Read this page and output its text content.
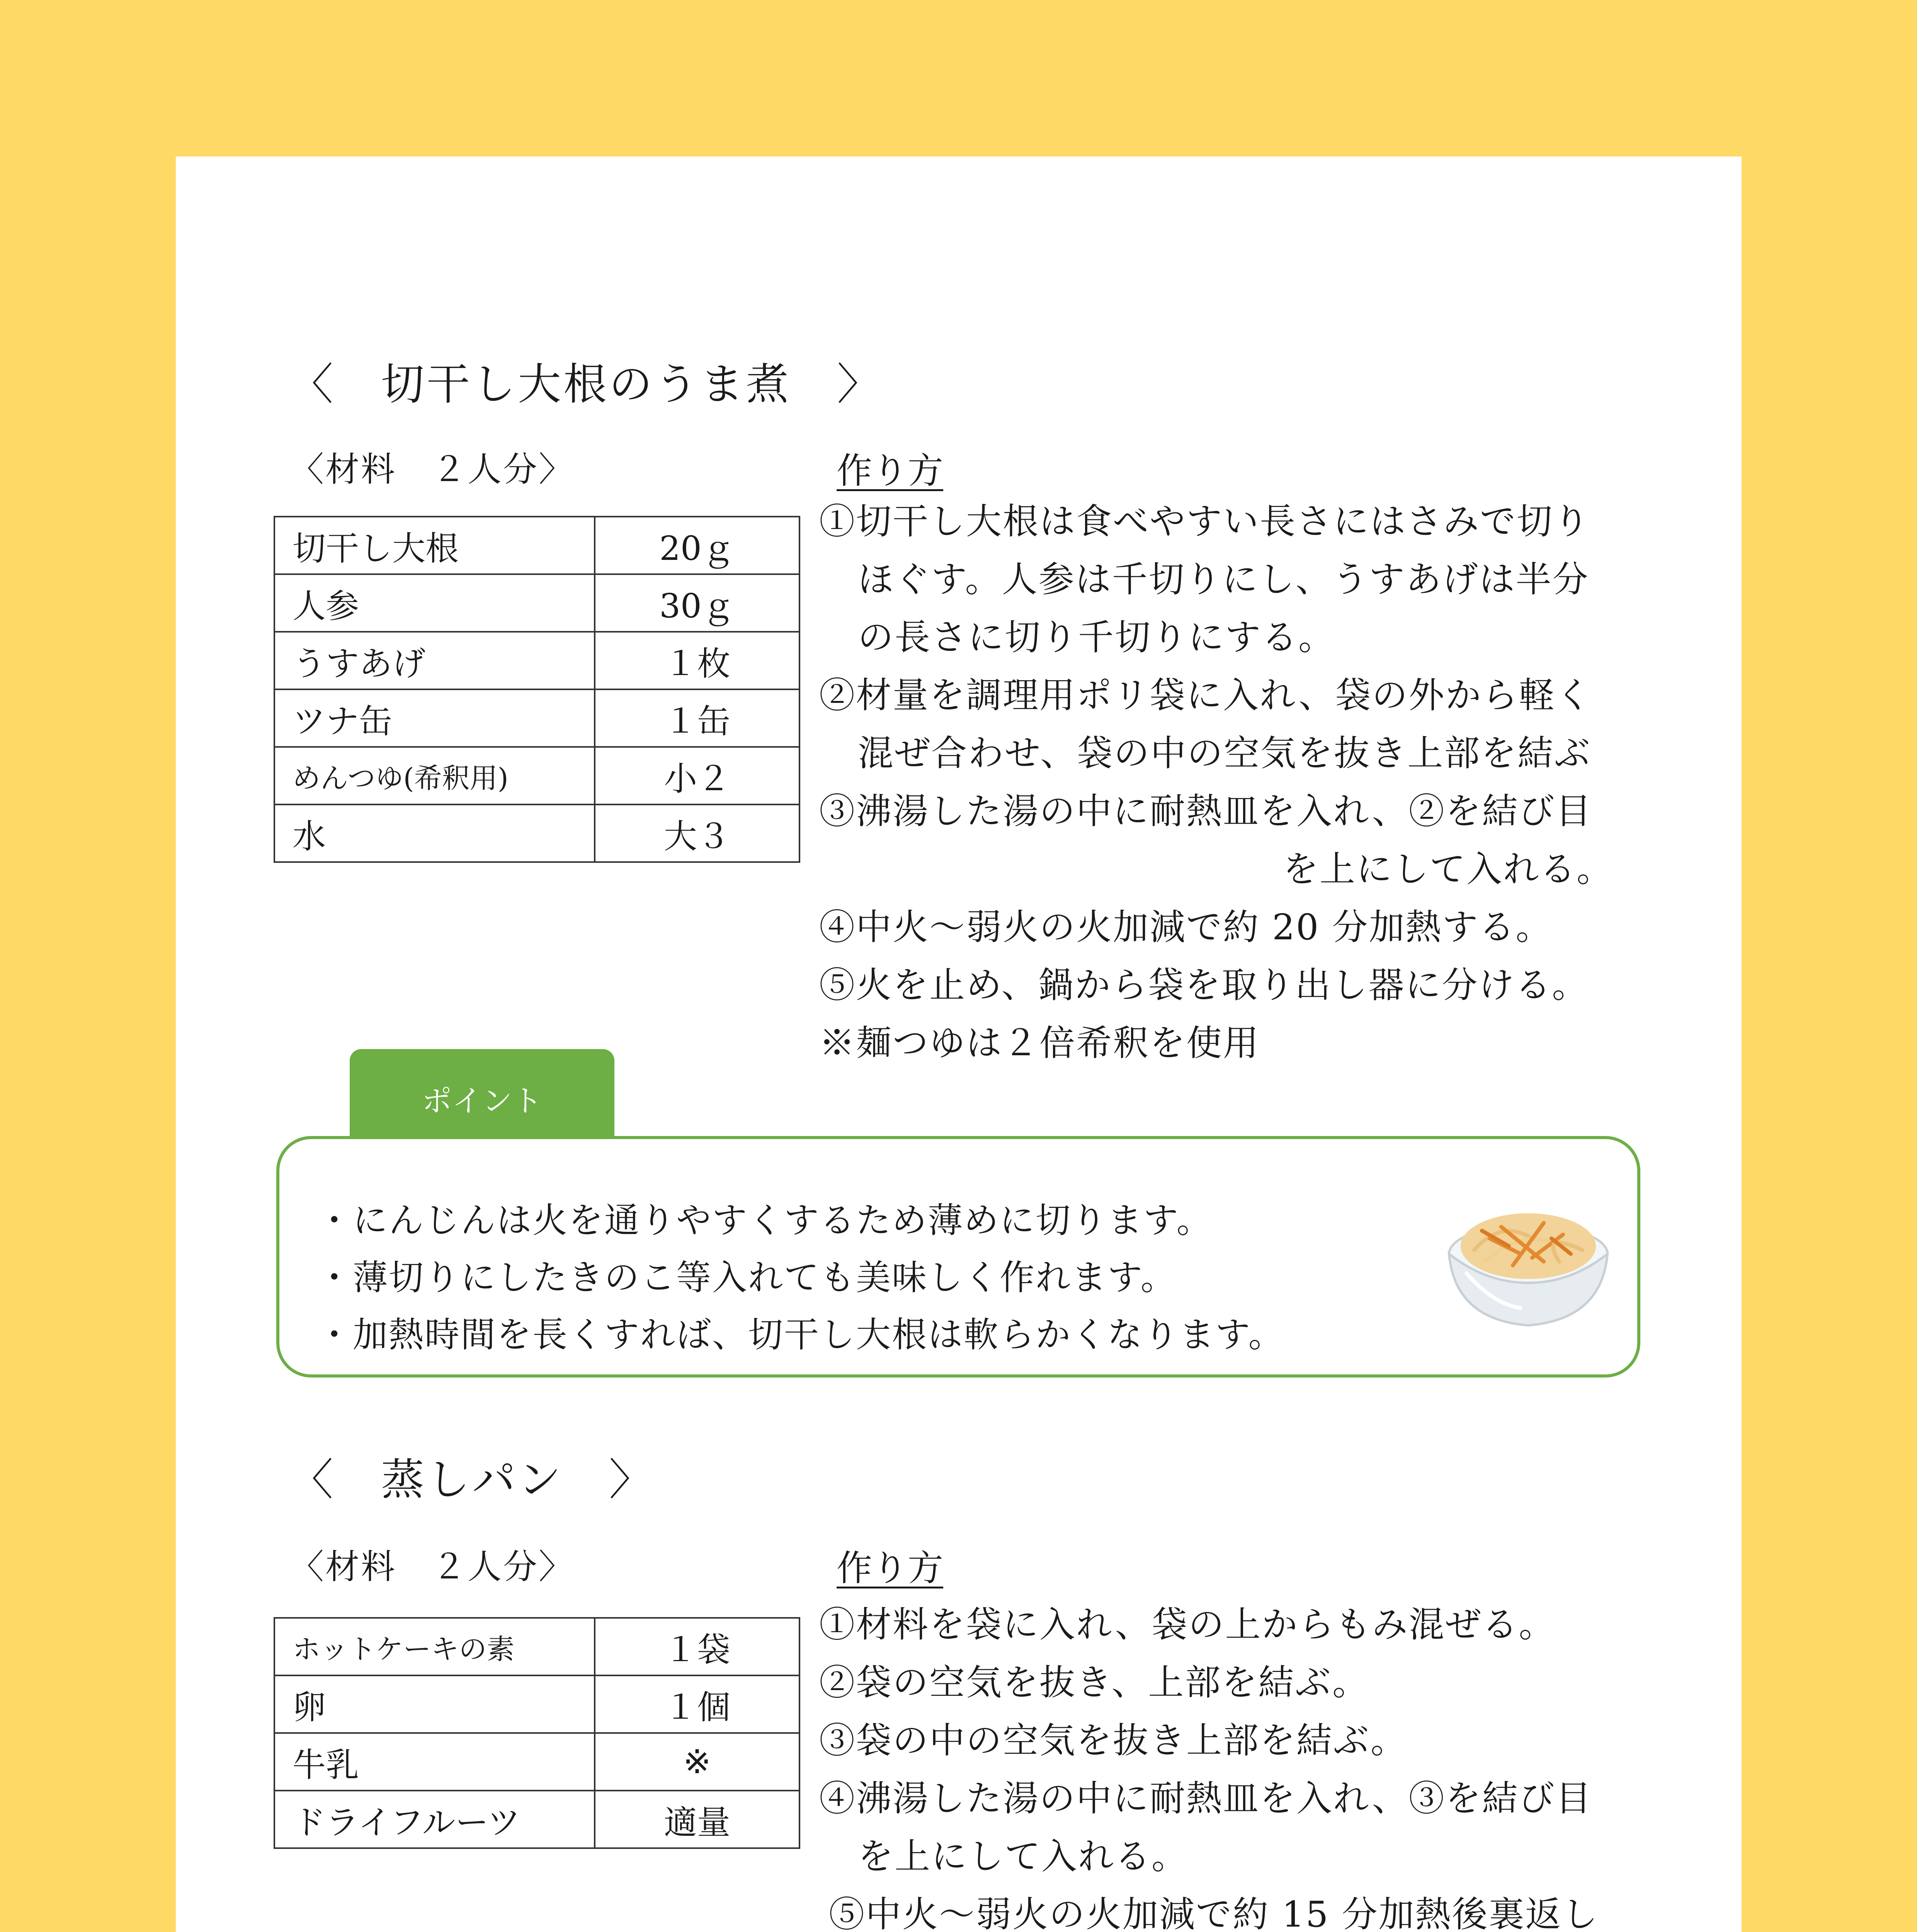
〈　切干し大根のうま煮　〉
〈材料　２人分〉	作り方
切干し大根	20ｇ
人参	30ｇ
うすあげ	１枚
ツナ缶	１缶
めんつゆ(希釈用)	小２
水	大３
①切干し大根は食べやすい長さにはさみで切り
ほぐす。人参は千切りにし、うすあげは半分
の長さに切り千切りにする。
②材量を調理用ポリ袋に入れ、袋の外から軽く
混ぜ合わせ、袋の中の空気を抜き上部を結ぶ
③沸湯した湯の中に耐熱皿を入れ、②を結び目
を上にして入れる。
④中火～弱火の火加減で約 20 分加熱する。
⑤火を止め、鍋から袋を取り出し器に分ける。
※麺つゆは２倍希釈を使用
ポイント
・にんじんは火を通りやすくするため薄めに切ります。
・薄切りにしたきのこ等入れても美味しく作れます。
・加熱時間を長くすれば、切干し大根は軟らかくなります。
〈　蒸しパン　〉
〈材料　２人分〉	作り方
ホットケーキの素	１袋
卵	１個
牛乳	※
ドライフルーツ	適量
①材料を袋に入れ、袋の上からもみ混ぜる。
②袋の空気を抜き、上部を結ぶ。
③袋の中の空気を抜き上部を結ぶ。
④沸湯した湯の中に耐熱皿を入れ、③を結び目
を上にして入れる。
⑤中火～弱火の火加減で約 15 分加熱後裏返し
